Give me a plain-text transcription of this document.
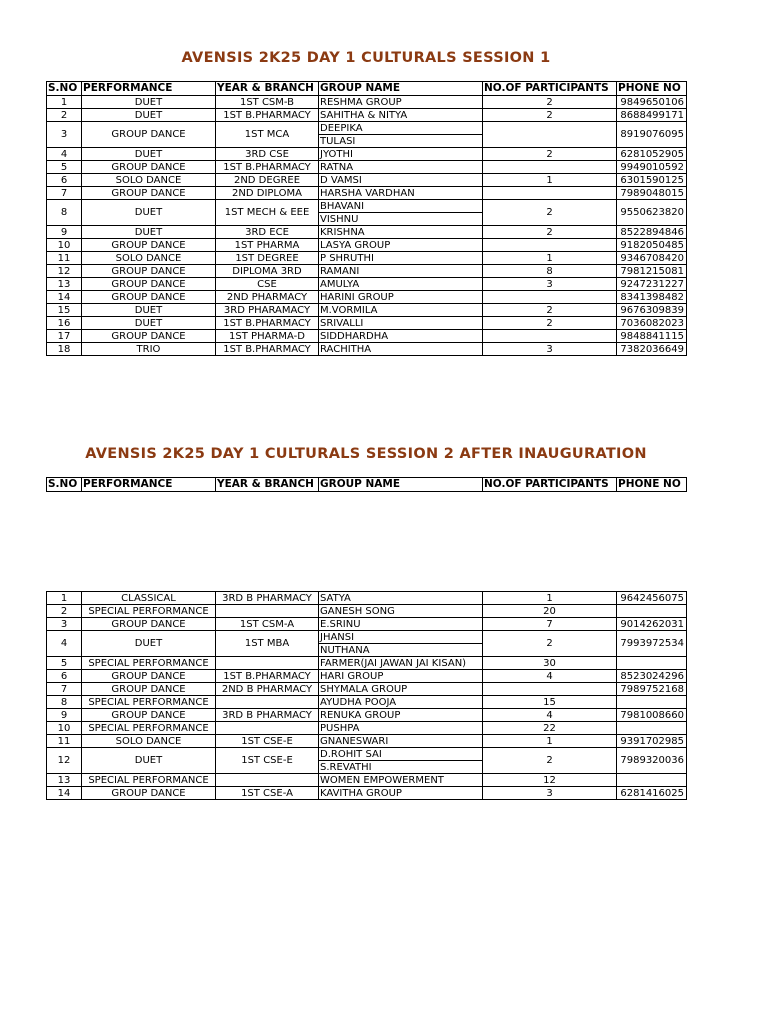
AVENSIS 2K25 DAY 1 CULTURALS SESSION 1
S.NO	PERFORMANCE	YEAR & BRANCH	GROUP NAME	NO.OF PARTICIPANTS	PHONE NO
1	DUET	1ST CSM-B	RESHMA GROUP	2	9849650106
2	DUET	1ST B.PHARMACY	SAHITHA & NITYA	2	8688499171
3	GROUP DANCE	1ST MCA	DEEPIKA		8919076095
			TULASI		
4	DUET	3RD CSE	JYOTHI	2	6281052905
5	GROUP DANCE	1ST B.PHARMACY	RATNA		9949010592
6	SOLO DANCE	2ND DEGREE	D VAMSI	1	6301590125
7	GROUP DANCE	2ND DIPLOMA	HARSHA VARDHAN		7989048015
8	DUET	1ST MECH & EEE	BHAVANI	2	9550623820
			VISHNU		
9	DUET	3RD ECE	KRISHNA	2	8522894846
10	GROUP DANCE	1ST PHARMA	LASYA GROUP		9182050485
11	SOLO DANCE	1ST DEGREE	P SHRUTHI	1	9346708420
12	GROUP DANCE	DIPLOMA 3RD	RAMANI	8	7981215081
13	GROUP DANCE	CSE	AMULYA	3	9247231227
14	GROUP DANCE	2ND PHARMACY	HARINI GROUP		8341398482
15	DUET	3RD PHARAMACY	M.VORMILA	2	9676309839
16	DUET	1ST B.PHARMACY	SRIVALLI	2	7036082023
17	GROUP DANCE	1ST PHARMA-D	SIDDHARDHA		9848841115
18	TRIO	1ST B.PHARMACY	RACHITHA	3	7382036649
AVENSIS 2K25 DAY 1 CULTURALS SESSION 2 AFTER INAUGURATION
S.NO	PERFORMANCE	YEAR & BRANCH	GROUP NAME	NO.OF PARTICIPANTS	PHONE NO
1	CLASSICAL	3RD B PHARMACY	SATYA	1	9642456075
2	SPECIAL PERFORMANCE		GANESH SONG	20	
3	GROUP DANCE	1ST CSM-A	E.SRINU	7	9014262031
4	DUET	1ST MBA	JHANSI	2	7993972534
			NUTHANA		
5	SPECIAL PERFORMANCE		FARMER(JAI JAWAN JAI KISAN)	30	
6	GROUP DANCE	1ST B.PHARMACY	HARI GROUP	4	8523024296
7	GROUP DANCE	2ND B PHARMACY	SHYMALA GROUP		7989752168
8	SPECIAL PERFORMANCE		AYUDHA POOJA	15	
9	GROUP DANCE	3RD B PHARMACY	RENUKA GROUP	4	7981008660
10	SPECIAL PERFORMANCE		PUSHPA	22	
11	SOLO DANCE	1ST CSE-E	GNANESWARI	1	9391702985
12	DUET	1ST CSE-E	D.ROHIT SAI	2	7989320036
			S.REVATHI		
13	SPECIAL PERFORMANCE		WOMEN EMPOWERMENT	12	
14	GROUP DANCE	1ST CSE-A	KAVITHA GROUP	3	6281416025
